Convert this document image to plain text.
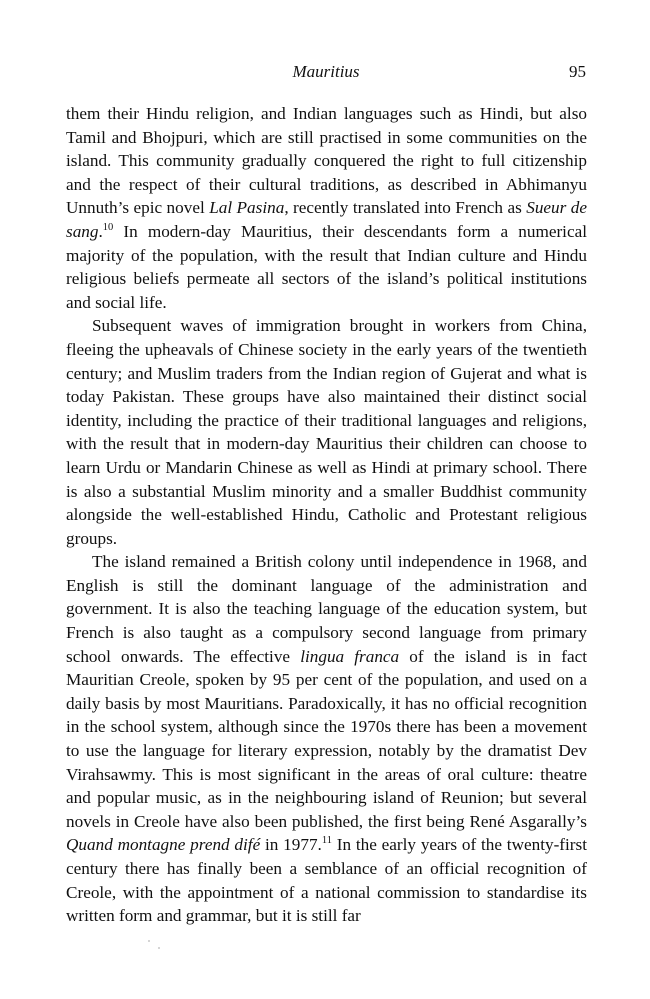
Mauritius	95

them their Hindu religion, and Indian languages such as Hindi, but also Tamil and Bhojpuri, which are still practised in some communities on the island. This community gradually conquered the right to full citizenship and the respect of their cultural traditions, as described in Abhimanyu Unnuth’s epic novel Lal Pasina, recently translated into French as Sueur de sang.$^{10}$ In modern-day Mauritius, their descendants form a numerical majority of the population, with the result that Indian culture and Hindu religious beliefs permeate all sectors of the island’s political institutions and social life.

Subsequent waves of immigration brought in workers from China, fleeing the upheavals of Chinese society in the early years of the twentieth century; and Muslim traders from the Indian region of Gujerat and what is today Pakistan. These groups have also maintained their distinct social identity, including the practice of their traditional languages and religions, with the result that in modern-day Mauritius their children can choose to learn Urdu or Mandarin Chinese as well as Hindi at primary school. There is also a substantial Muslim minority and a smaller Buddhist community alongside the well-established Hindu, Catholic and Protestant religious groups.

The island remained a British colony until independence in 1968, and English is still the dominant language of the administration and government. It is also the teaching language of the education system, but French is also taught as a compulsory second language from primary school onwards. The effective lingua franca of the island is in fact Mauritian Creole, spoken by 95 per cent of the population, and used on a daily basis by most Mauritians. Paradoxically, it has no official recognition in the school system, although since the 1970s there has been a movement to use the language for literary expression, notably by the dramatist Dev Virahsawmy. This is most significant in the areas of oral culture: theatre and popular music, as in the neighbouring island of Reunion; but several novels in Creole have also been published, the first being René Asgarally’s Quand montagne prend difé in 1977.11 In the early years of the twenty-first century there has finally been a semblance of an official recognition of Creole, with the appointment of a national commission to standardise its written form and grammar, but it is still far
